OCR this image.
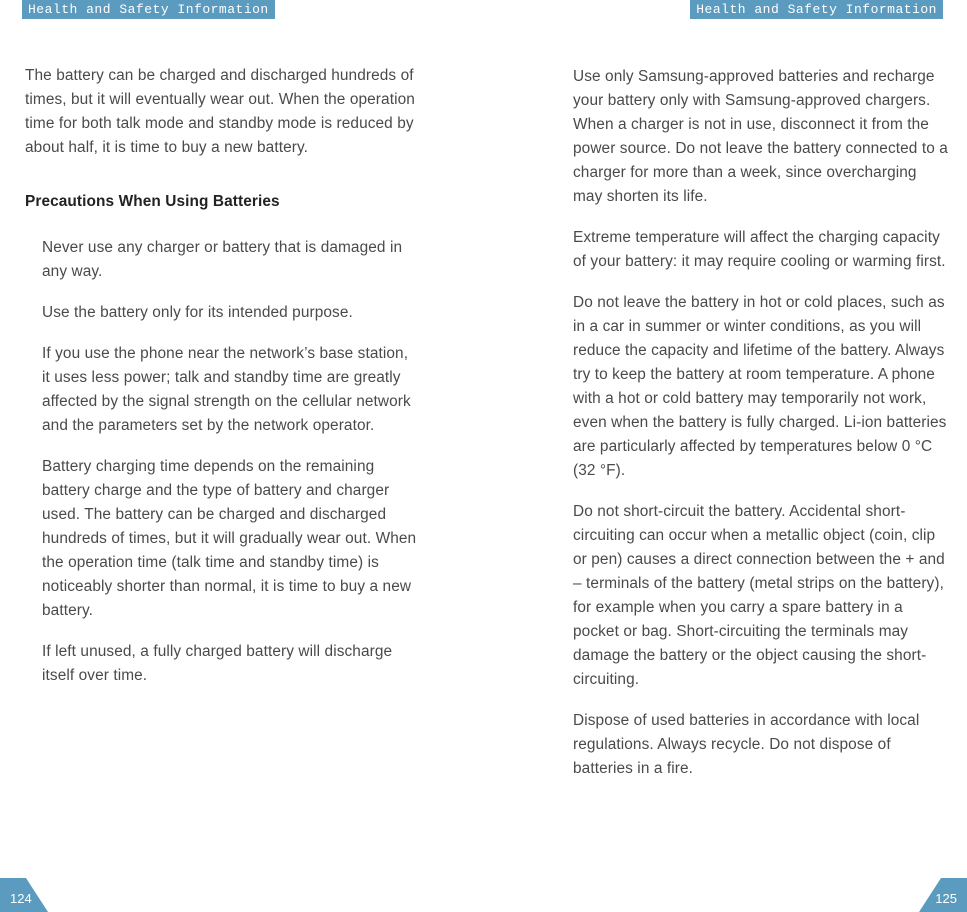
Health and Safety Information	Health and Safety Information

The battery can be charged and discharged hundreds of times, but it will eventually wear out. When the operation time for both talk mode and standby mode is reduced by about half, it is time to buy a new battery.

Precautions When Using Batteries

Never use any charger or battery that is damaged in any way.

Use the battery only for its intended purpose.

If you use the phone near the network’s base station, it uses less power; talk and standby time are greatly affected by the signal strength on the cellular network and the parameters set by the network operator.

Battery charging time depends on the remaining battery charge and the type of battery and charger used. The battery can be charged and discharged hundreds of times, but it will gradually wear out. When the operation time (talk time and standby time) is noticeably shorter than normal, it is time to buy a new battery.

If left unused, a fully charged battery will discharge itself over time.

Use only Samsung-approved batteries and recharge your battery only with Samsung-approved chargers. When a charger is not in use, disconnect it from the power source. Do not leave the battery connected to a charger for more than a week, since overcharging may shorten its life.

Extreme temperature will affect the charging capacity of your battery: it may require cooling or warming first.

Do not leave the battery in hot or cold places, such as in a car in summer or winter conditions, as you will reduce the capacity and lifetime of the battery. Always try to keep the battery at room temperature. A phone with a hot or cold battery may temporarily not work, even when the battery is fully charged. Li-ion batteries are particularly affected by temperatures below 0 °C (32 °F).

Do not short-circuit the battery. Accidental short-circuiting can occur when a metallic object (coin, clip or pen) causes a direct connection between the + and – terminals of the battery (metal strips on the battery), for example when you carry a spare battery in a pocket or bag. Short-circuiting the terminals may damage the battery or the object causing the short-circuiting.

Dispose of used batteries in accordance with local regulations. Always recycle. Do not dispose of batteries in a fire.

124	125
